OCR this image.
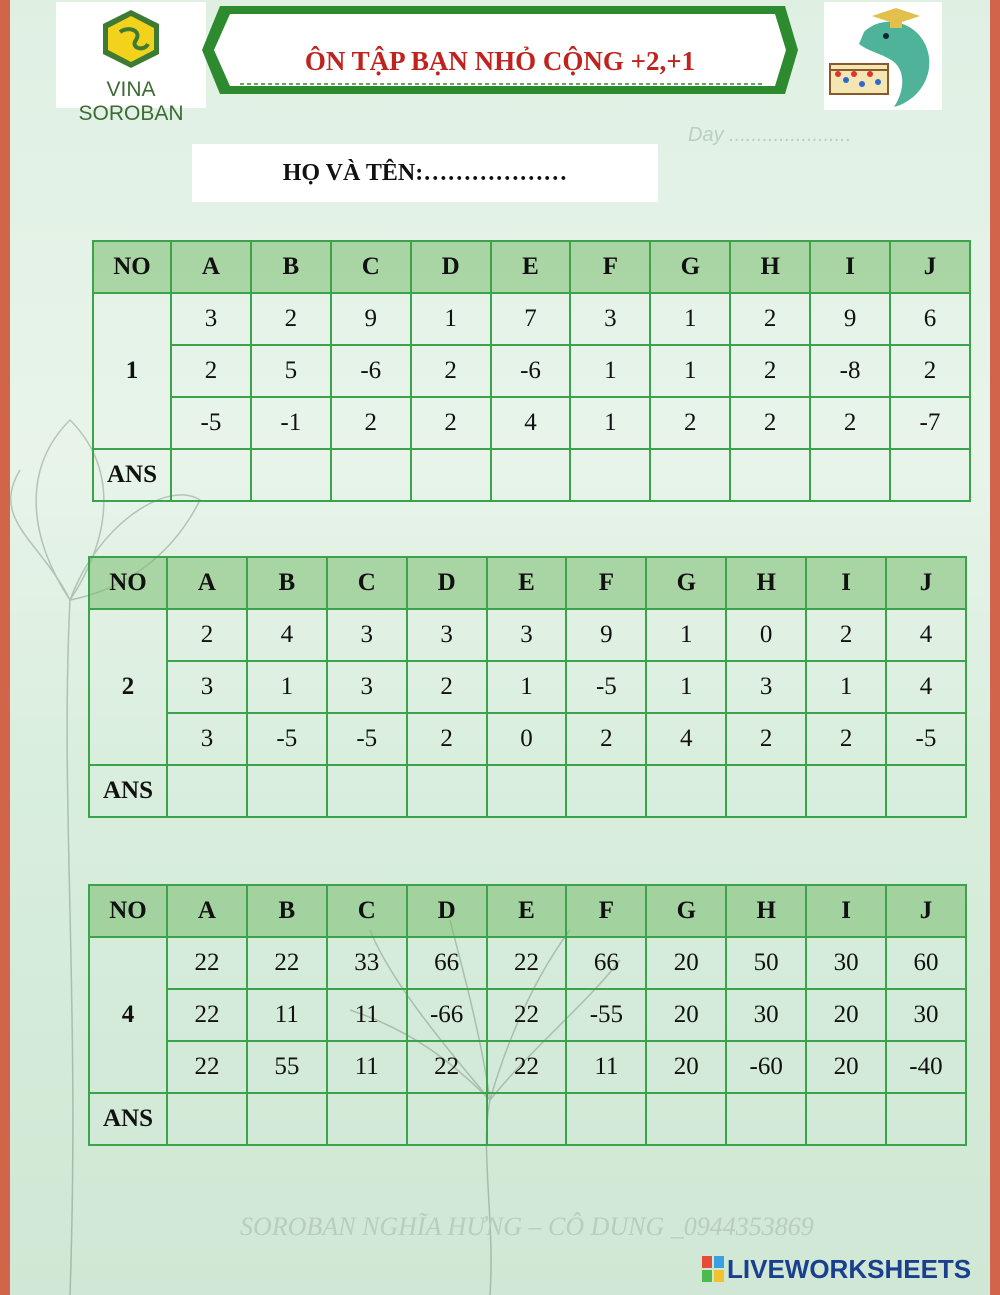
VINA SOROBAN
ÔN TẬP BẠN NHỎ CỘNG +2,+1
Day ......................
HỌ VÀ TÊN:………………
NO	A	B	C	D	E	F	G	H	I	J
1	3	2	9	1	7	3	1	2	9	6
	2	5	-6	2	-6	1	1	2	-8	2
	-5	-1	2	2	4	1	2	2	2	-7
ANS										
NO	A	B	C	D	E	F	G	H	I	J
2	2	4	3	3	3	9	1	0	2	4
	3	1	3	2	1	-5	1	3	1	4
	3	-5	-5	2	0	2	4	2	2	-5
ANS										
NO	A	B	C	D	E	F	G	H	I	J
4	22	22	33	66	22	66	20	50	30	60
	22	11	11	-66	22	-55	20	30	20	30
	22	55	11	22	22	11	20	-60	20	-40
ANS										
SOROBAN NGHĨA HƯNG – CÔ DUNG _0944353869
LIVEWORKSHEETS
